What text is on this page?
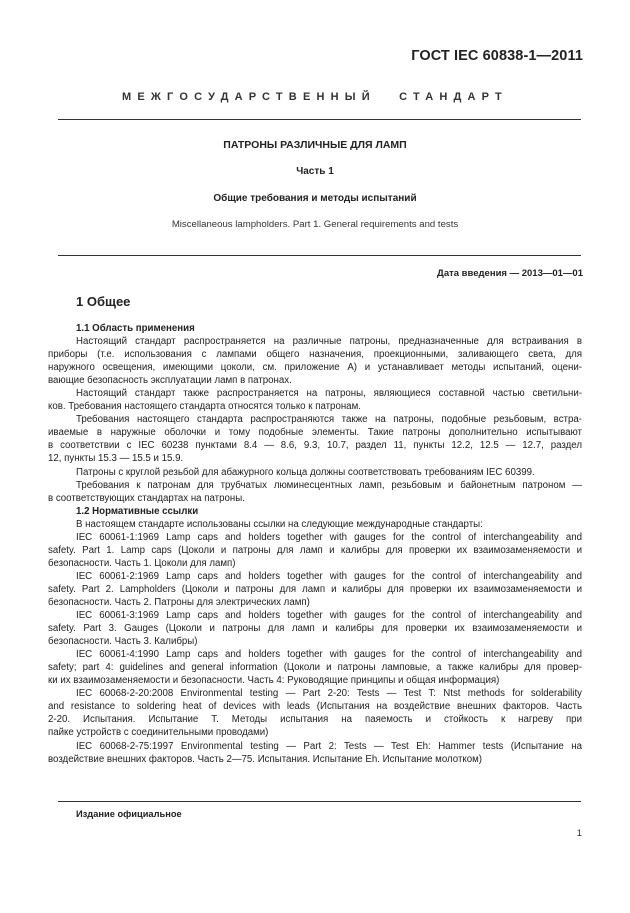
ГОСТ IEC 60838-1—2011
МЕЖГОСУДАРСТВЕННЫЙ СТАНДАРТ
ПАТРОНЫ РАЗЛИЧНЫЕ ДЛЯ ЛАМП
Часть 1
Общие требования и методы испытаний
Miscellaneous lampholders. Part 1. General requirements and tests
Дата введения — 2013—01—01
1 Общее
1.1 Область применения
Настоящий стандарт распространяется на различные патроны, предназначенные для встраивания в
приборы (т.е. использования с лампами общего назначения, проекционными, заливающего света, для
наружного освещения, имеющими цоколи, см. приложение А) и устанавливает методы испытаний, оцени-
вающие безопасность эксплуатации ламп в патронах.
Настоящий стандарт также распространяется на патроны, являющиеся составной частью светильни-
ков. Требования настоящего стандарта относятся только к патронам.
Требования настоящего стандарта распространяются также на патроны, подобные резьбовым, встра-
иваемые в наружные оболочки и тому подобные элементы. Такие патроны дополнительно испытывают
в соответствии с IEC 60238 пунктами 8.4 — 8.6, 9.3, 10.7, раздел 11, пункты 12.2, 12.5 — 12.7, раздел
12, пункты 15.3 — 15.5 и 15.9.
Патроны с круглой резьбой для абажурного кольца должны соответствовать требованиям IEC 60399.
Требования к патронам для трубчатых люминесцентных ламп, резьбовым и байонетным патроном —
в соответствующих стандартах на патроны.
1.2 Нормативные ссылки
В настоящем стандарте использованы ссылки на следующие международные стандарты:
IEC 60061-1:1969 Lamp caps and holders together with gauges for the control of interchangeability and
safety. Part 1. Lamp caps (Цоколи и патроны для ламп и калибры для проверки их взаимозаменяемости и
безопасности. Часть 1. Цоколи для ламп)
IEC 60061-2:1969 Lamp caps and holders together with gauges for the control of interchangeability and
safety. Part 2. Lampholders (Цоколи и патроны для ламп и калибры для проверки их взаимозаменяемости и
безопасности. Часть 2. Патроны для электрических ламп)
IEC 60061-3:1969 Lamp caps and holders together with gauges for the control of interchangeability and
safety. Part 3. Gauges (Цоколи и патроны для ламп и калибры для проверки их взаимозаменяемости и
безопасности. Часть 3. Калибры)
IEC 60061-4:1990 Lamp caps and holders together with gauges for the control of interchangeability and
safety; part 4: guidelines and general information (Цоколи и патроны ламповые, а также калибры для провер-
ки их взаимозаменяемости и безопасности. Часть 4: Руководящие принципы и общая информация)
IEC 60068-2-20:2008 Environmental testing — Part 2-20: Tests — Test T: Ntst methods for solderability
and resistance to soldering heat of devices with leads (Испытания на воздействие внешних факторов. Часть
2-20. Испытания. Испытание Т. Методы испытания на паяемость и стойкость к нагреву при
пайке устройств с соединительными проводами)
IEC 60068-2-75:1997 Environmental testing — Part 2: Tests — Test Eh: Hammer tests (Испытание на
воздействие внешних факторов. Часть 2—75. Испытания. Испытание Eh. Испытание молотком)
Издание официальное
1
